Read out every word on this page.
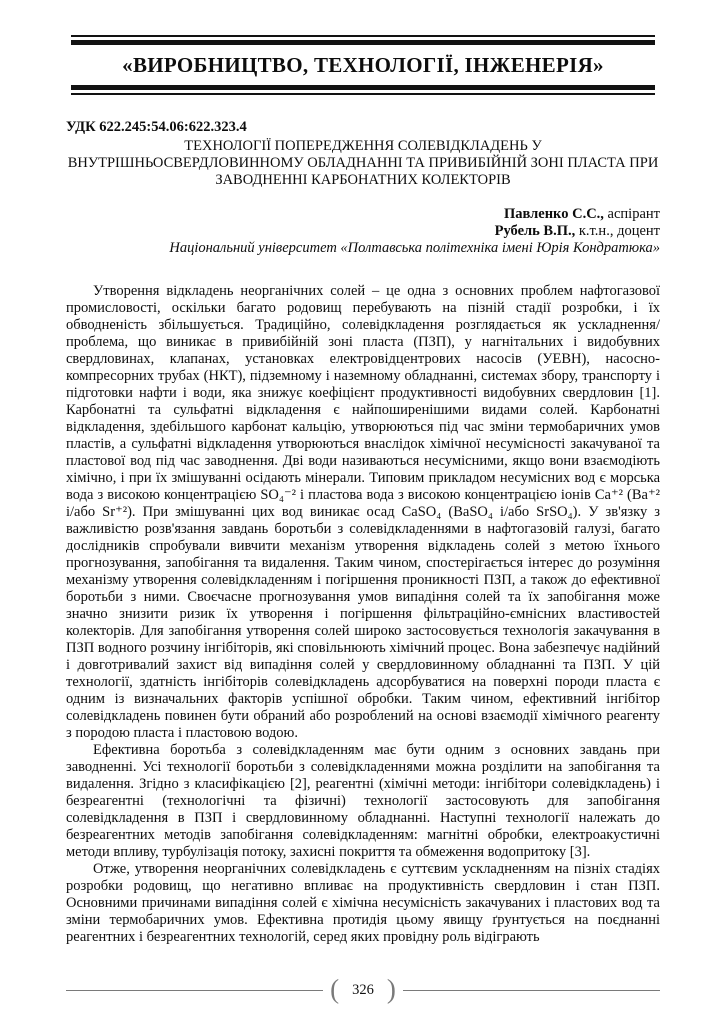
«ВИРОБНИЦТВО, ТЕХНОЛОГІЇ, ІНЖЕНЕРІЯ»

УДК 622.245:54.06:622.323.4

ТЕХНОЛОГІЇ ПОПЕРЕДЖЕННЯ СОЛЕВІДКЛАДЕНЬ У ВНУТРІШНЬОСВЕРДЛОВИННОМУ ОБЛАДНАННІ ТА ПРИВИБІЙНІЙ ЗОНІ ПЛАСТА ПРИ ЗАВОДНЕННІ КАРБОНАТНИХ КОЛЕКТОРІВ

Павленко С.С., аспірант

Рубель В.П., к.т.н., доцент

Національний університет «Полтавська політехніка імені Юрія Кондратюка»

Утворення відкладень неорганічних солей – це одна з основних проблем нафтогазової промисловості, оскільки багато родовищ перебувають на пізній стадії розробки, і їх обводненість збільшується. Традиційно, солевідкладення розглядається як ускладнення/проблема, що виникає в привибійній зоні пласта (ПЗП), у нагнітальних і видобувних свердловинах, клапанах, установках електровідцентрових насосів (УЕВН), насосно-компресорних трубах (НКТ), підземному і наземному обладнанні, системах збору, транспорту і підготовки нафти і води, яка знижує коефіцієнт продуктивності видобувних свердловин [1]. Карбонатні та сульфатні відкладення є найпоширенішими видами солей. Карбонатні відкладення, здебільшого карбонат кальцію, утворюються під час зміни термобаричних умов пластів, а сульфатні відкладення утворюються внаслідок хімічної несумісності закачуваної та пластової вод під час заводнення. Дві води називаються несумісними, якщо вони взаємодіють хімічно, і при їх змішуванні осідають мінерали. Типовим прикладом несумісних вод є морська вода з високою концентрацією SO₄⁻² і пластова вода з високою концентрацією іонів Ca⁺² (Ba⁺² і/або Sr⁺²). При змішуванні цих вод виникає осад CaSO₄ (BaSO₄ і/або SrSO₄). У зв'язку з важливістю розв'язання завдань боротьби з солевідкладеннями в нафтогазовій галузі, багато дослідників спробували вивчити механізм утворення відкладень солей з метою їхнього прогнозування, запобігання та видалення. Таким чином, спостерігається інтерес до розуміння механізму утворення солевідкладенням і погіршення проникності ПЗП, а також до ефективної боротьби з ними. Своєчасне прогнозування умов випадіння солей та їх запобігання може значно знизити ризик їх утворення і погіршення фільтраційно-ємнісних властивостей колекторів. Для запобігання утворення солей широко застосовується технологія закачування в ПЗП водного розчину інгібіторів, які сповільнюють хімічний процес. Вона забезпечує надійний і довготривалий захист від випадіння солей у свердловинному обладнанні та ПЗП. У цій технології, здатність інгібіторів солевідкладень адсорбуватися на поверхні породи пласта є одним із визначальних факторів успішної обробки. Таким чином, ефективний інгібітор солевідкладень повинен бути обраний або розроблений на основі взаємодії хімічного реагенту з породою пласта і пластовою водою.

Ефективна боротьба з солевідкладенням має бути одним з основних завдань при заводненні. Усі технології боротьби з солевідкладеннями можна розділити на запобігання та видалення. Згідно з класифікацією [2], реагентні (хімічні методи: інгібітори солевідкладень) і безреагентні (технологічні та фізичні) технології застосовують для запобігання солевідкладення в ПЗП і свердловинному обладнанні. Наступні технології належать до безреагентних методів запобігання солевідкладенням: магнітні обробки, електроакустичні методи впливу, турбулізація потоку, захисні покриття та обмеження водопритоку [3].

Отже, утворення неорганічних солевідкладень є суттєвим ускладненням на пізніх стадіях розробки родовищ, що негативно впливає на продуктивність свердловин і стан ПЗП. Основними причинами випадіння солей є хімічна несумісність закачуваних і пластових вод та зміни термобаричних умов. Ефективна протидія цьому явищу ґрунтується на поєднанні реагентних і безреагентних технологій, серед яких провідну роль відіграють

( 326 )
